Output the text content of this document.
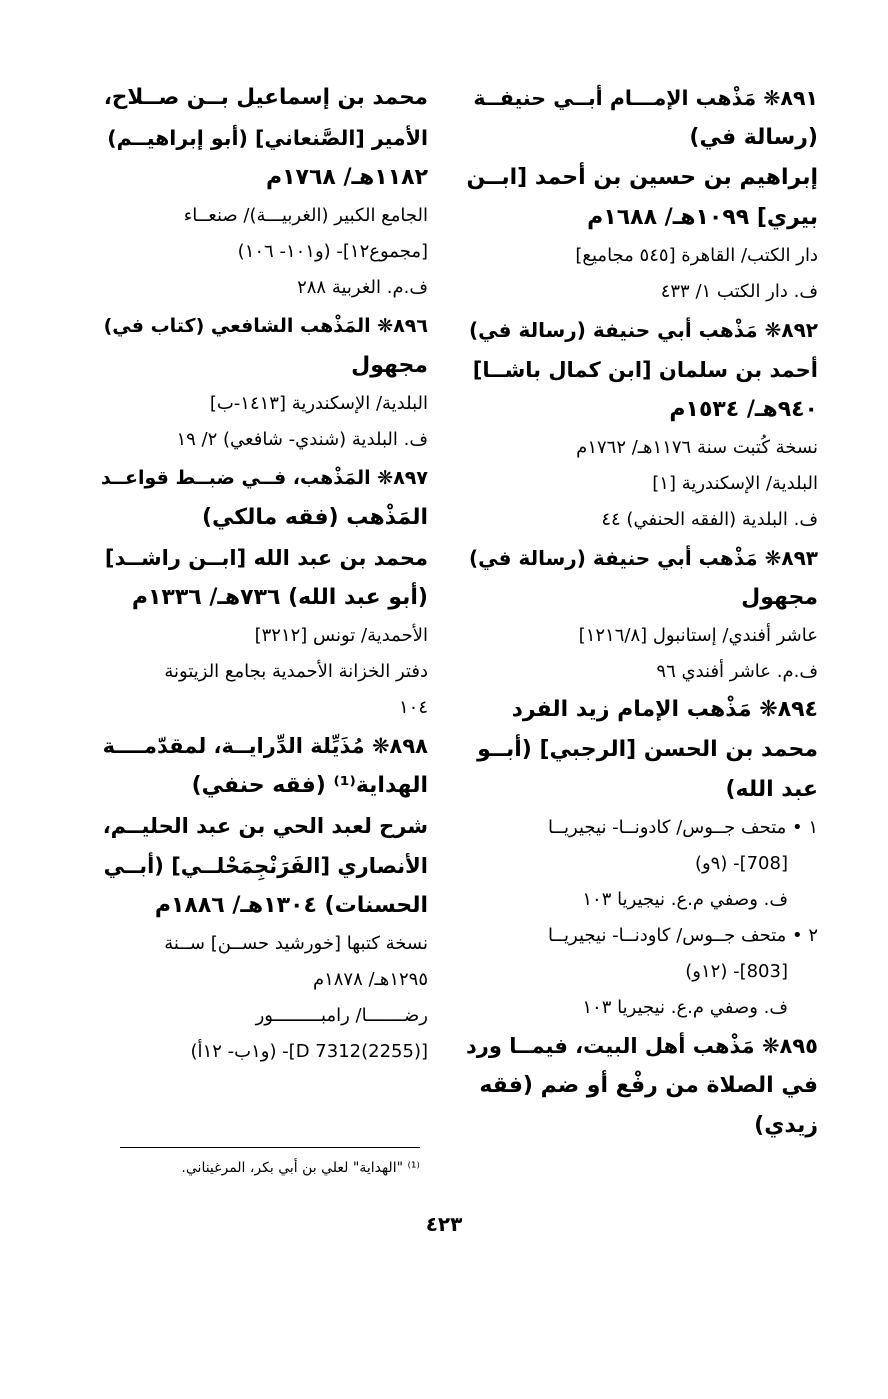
٨٩١❋ مَذْهب الإمـــام أبــي حنيفــة
(رسالة في)
إبراهيم بن حسين بن أحمد [ابــن
بيري] ١٠٩٩هـ/ ١٦٨٨م
دار الكتب/ القاهرة [٥٤٥ مجاميع]
ف. دار الكتب ١/ ٤٣٣
٨٩٢❋ مَذْهب أبي حنيفة (رسالة في)
أحمد بن سلمان [ابن كمال باشــا]
٩٤٠هـ/ ١٥٣٤م
نسخة كُتبت سنة ١١٧٦هـ/ ١٧٦٢م
البلدية/ الإسكندرية [١]
ف. البلدية (الفقه الحنفي) ٤٤
٨٩٣❋ مَذْهب أبي حنيفة (رسالة في)
مجهول
عاشر أفندي/ إستانبول [١٢١٦/٨]
ف.م. عاشر أفندي ٩٦
٨٩٤❋ مَذْهب الإمام زيد الفرد
محمد بن الحسن [الرجبي] (أبــو
عبد الله)
١ • متحف جــوس/ كادونــا- نيجيريــا
[708]- (٩و)
ف. وصفي م.ع. نيجيريا ١٠٣
٢ • متحف جــوس/ كاودنــا- نيجيريــا
[803]- (١٢و)
ف. وصفي م.ع. نيجيريا ١٠٣
٨٩٥❋ مَذْهب أهل البيت، فيمــا ورد
في الصلاة من رفْع أو ضم (فقه
زيدي)
محمد بن إسماعيل بــن صــلاح،
الأمير [الصَّنعاني] (أبو إبراهيــم)
١١٨٢هـ/ ١٧٦٨م
الجامع الكبير (الغربيـــة)/ صنعــاء
[مجموع١٢]- (و١٠١- ١٠٦)
ف.م. الغربية ٢٨٨
٨٩٦❋ المَذْهب الشافعي (كتاب في)
مجهول
البلدية/ الإسكندرية [١٤١٣-ب]
ف. البلدية (شندي- شافعي) ٢/ ١٩
٨٩٧❋ المَذْهب، فــي ضبــط قواعــد
المَذْهب (فقه مالكي)
محمد بن عبد الله [ابــن راشــد]
(أبو عبد الله) ٧٣٦هـ/ ١٣٣٦م
الأحمدية/ تونس [٣٢١٢]
دفتر الخزانة الأحمدية بجامع الزيتونة
١٠٤
٨٩٨❋ مُذَيِّلة الدِّرايــة، لمقدّمــــة
الهداية⁽¹⁾ (فقه حنفي)
شرح لعبد الحي بن عبد الحليــم،
الأنصاري [الفَرَنْجِمَحْلــي] (أبــي
الحسنات) ١٣٠٤هـ/ ١٨٨٦م
نسخة كتبها [خورشيد حســن] ســنة
١٢٩٥هـ/ ١٨٧٨م
رضـــــــا/ رامبـــــــــور
[D 7312(2255)]- (و١ب- ١٢أ)
⁽¹⁾ "الهداية" لعلي بن أبي بكر، المرغيناني.
٤٢٣
